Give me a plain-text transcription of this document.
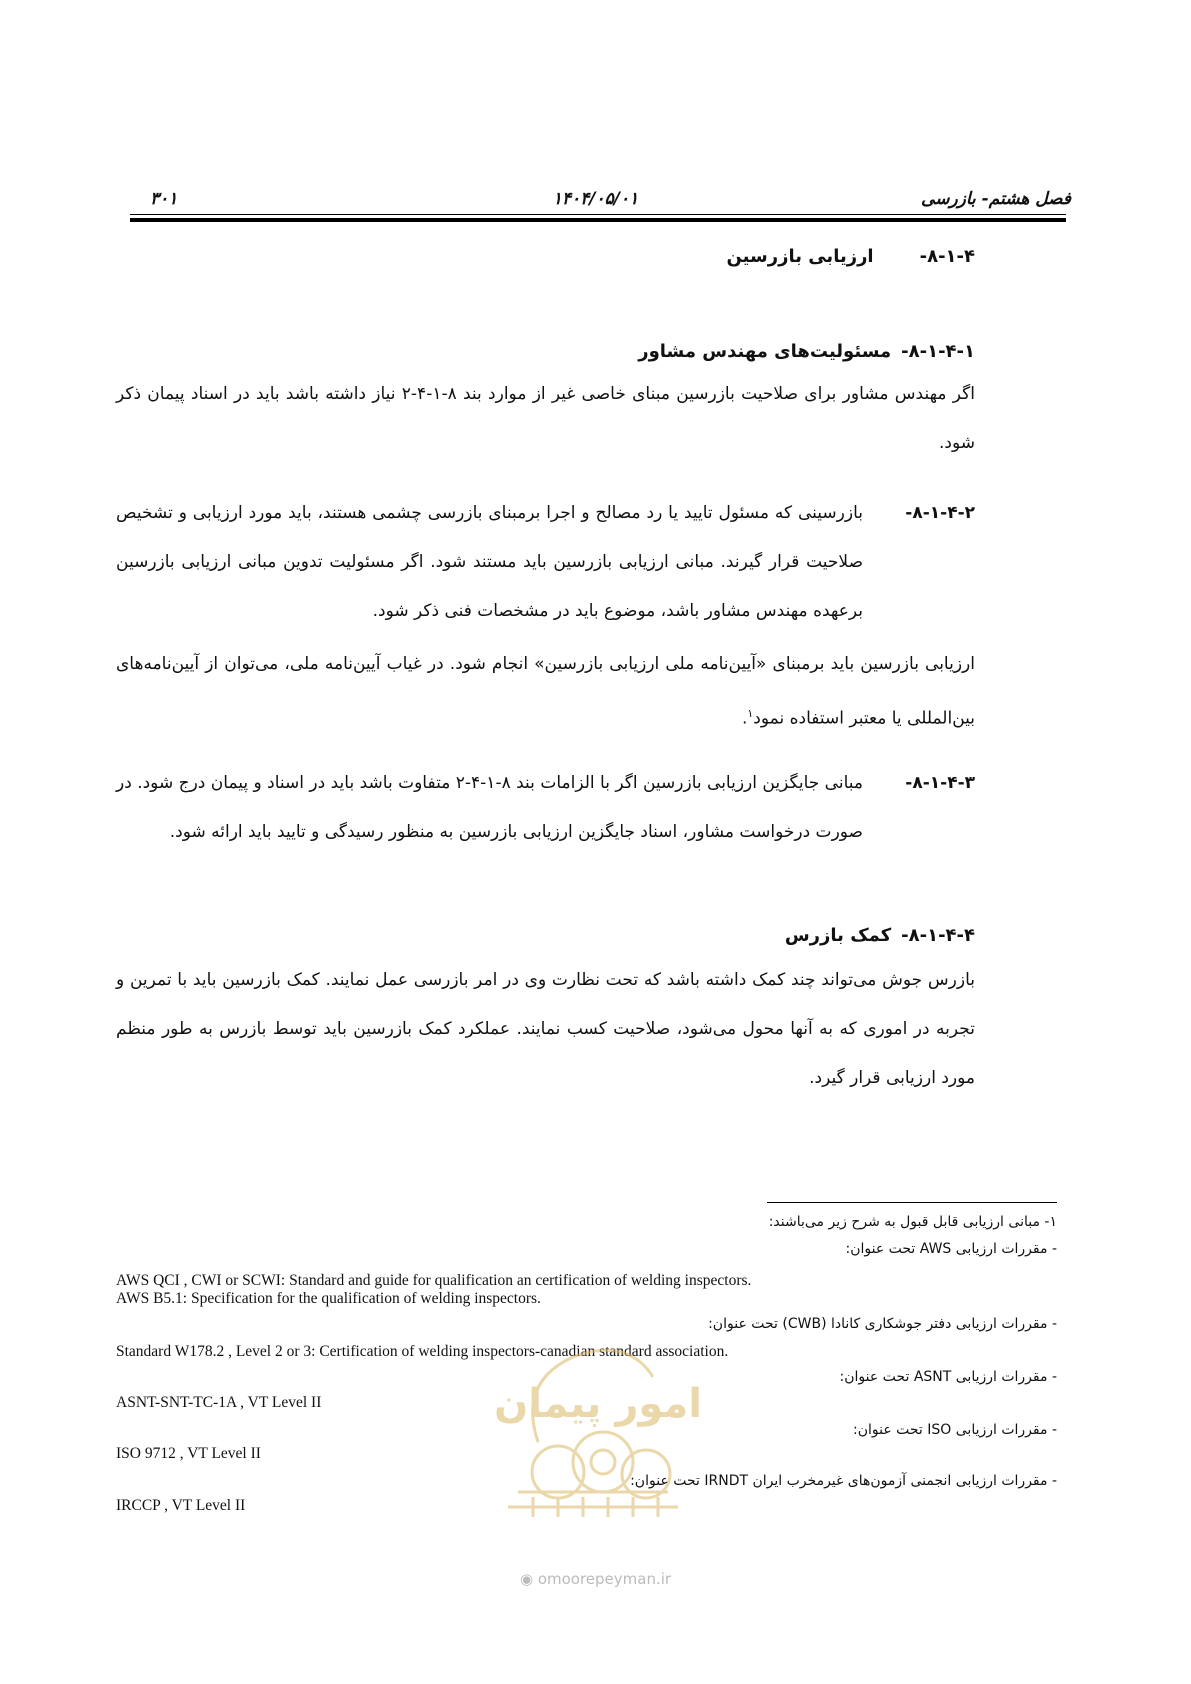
فصل هشتم- بازرسی
۱۴۰۴/۰۵/۰۱
۳۰۱
۸-۱-۴-ارزیابی بازرسین
۸-۱-۴-۱-مسئولیت‌های مهندس مشاور
اگر مهندس مشاور برای صلاحیت بازرسین مبنای خاصی غیر از موارد بند ۸-۱-۴-۲ نیاز داشته باشد باید در اسناد پیمان ذکر شود.
۸-۱-۴-۲-
بازرسینی که مسئول تایید یا رد مصالح و اجرا برمبنای بازرسی چشمی هستند، باید مورد ارزیابی و تشخیص صلاحیت قرار گیرند. مبانی ارزیابی بازرسین باید مستند شود. اگر مسئولیت تدوین مبانی ارزیابی بازرسین برعهده مهندس مشاور باشد، موضوع باید در مشخصات فنی ذکر شود.
ارزیابی بازرسین باید برمبنای «آیین‌نامه ملی ارزیابی بازرسین» انجام شود. در غیاب آیین‌نامه ملی، می‌توان از آیین‌نامه‌های بین‌المللی یا معتبر استفاده نمود$^۱$.
۸-۱-۴-۳-
مبانی جایگزین ارزیابی بازرسین اگر با الزامات بند ۸-۱-۴-۲ متفاوت باشد باید در اسناد و پیمان درج شود. در صورت درخواست مشاور، اسناد جایگزین ارزیابی بازرسین به منظور رسیدگی و تایید باید ارائه شود.
۸-۱-۴-۴-کمک بازرس
بازرس جوش می‌تواند چند کمک داشته باشد که تحت نظارت وی در امر بازرسی عمل نمایند. کمک بازرسین باید با تمرین و تجربه در اموری که به آنها محول می‌شود، صلاحیت کسب نمایند. عملکرد کمک بازرسین باید توسط بازرس به طور منظم مورد ارزیابی قرار گیرد.
۱- مبانی ارزیابی قابل قبول به شرح زیر می‌باشند:
- مقررات ارزیابی AWS تحت عنوان:
AWS QCI , CWI or SCWI: Standard and guide for qualification an certification of welding inspectors.
AWS B5.1: Specification for the qualification of welding inspectors.
- مقررات ارزیابی دفتر جوشکاری کانادا (CWB) تحت عنوان:
Standard W178.2 , Level 2 or 3: Certification of welding inspectors-canadian standard association.
- مقررات ارزیابی ASNT تحت عنوان:
ASNT-SNT-TC-1A , VT Level II
- مقررات ارزیابی ISO تحت عنوان:
ISO 9712 , VT Level II
- مقررات ارزیابی انجمنی آزمون‌های غیرمخرب ایران IRNDT تحت عنوان:
IRCCP , VT Level II
امور پیمان
◉ omoorepeyman.ir
